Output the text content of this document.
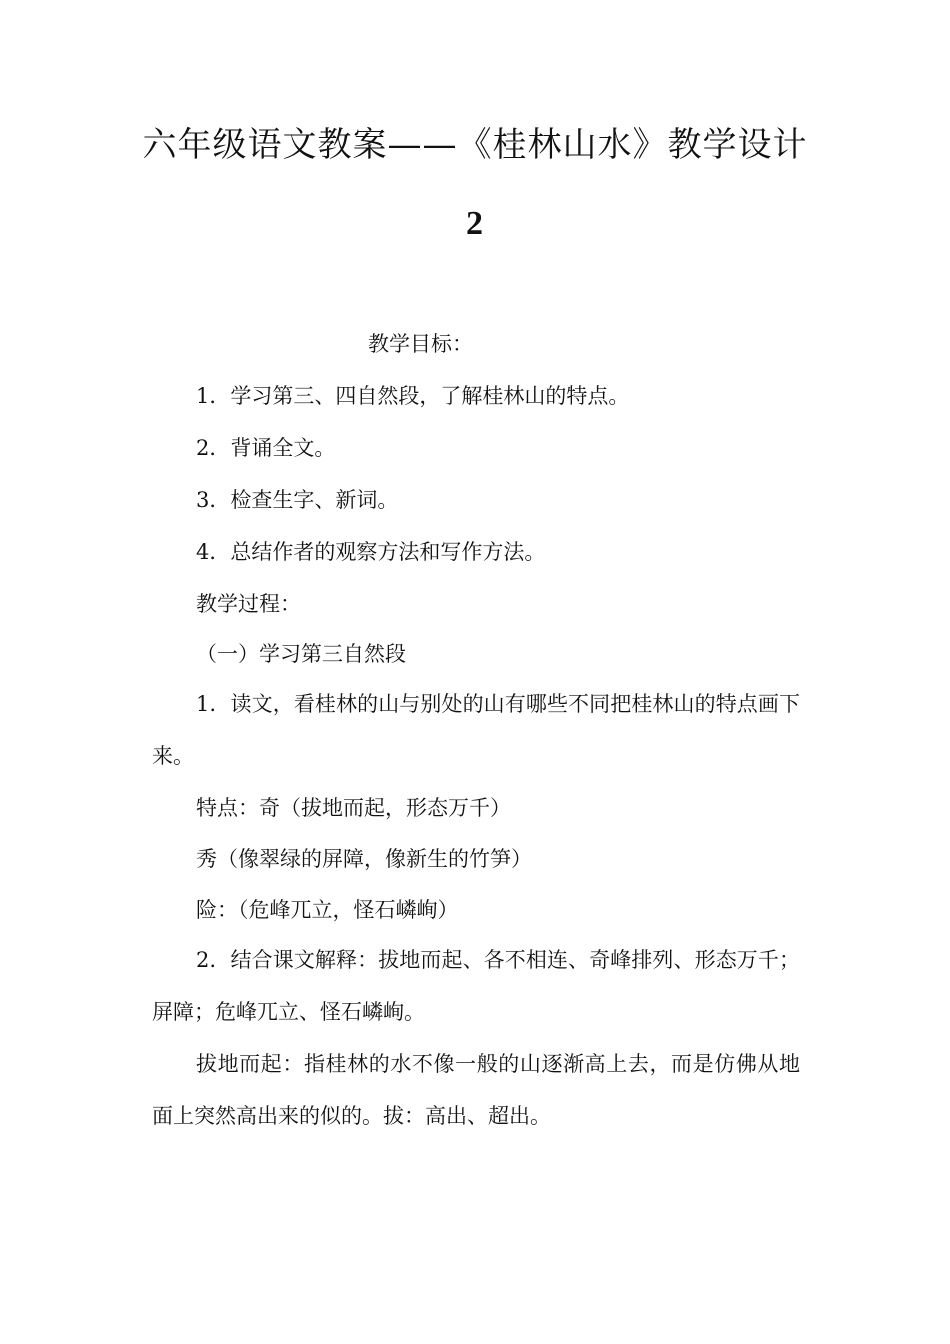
六年级语文教案——《桂林山水》教学设计
2

教学目标：

1．学习第三、四自然段，了解桂林山的特点。

2．背诵全文。

3．检查生字、新词。

4．总结作者的观察方法和写作方法。

教学过程：

（一）学习第三自然段

1．读文，看桂林的山与别处的山有哪些不同把桂林山的特点画下来。

特点：奇（拔地而起，形态万千）

秀（像翠绿的屏障，像新生的竹笋）

险：（危峰兀立，怪石嶙峋）

2．结合课文解释：拔地而起、各不相连、奇峰排列、形态万千；屏障；危峰兀立、怪石嶙峋。

拔地而起：指桂林的水不像一般的山逐渐高上去，而是仿佛从地面上突然高出来的似的。拔：高出、超出。
